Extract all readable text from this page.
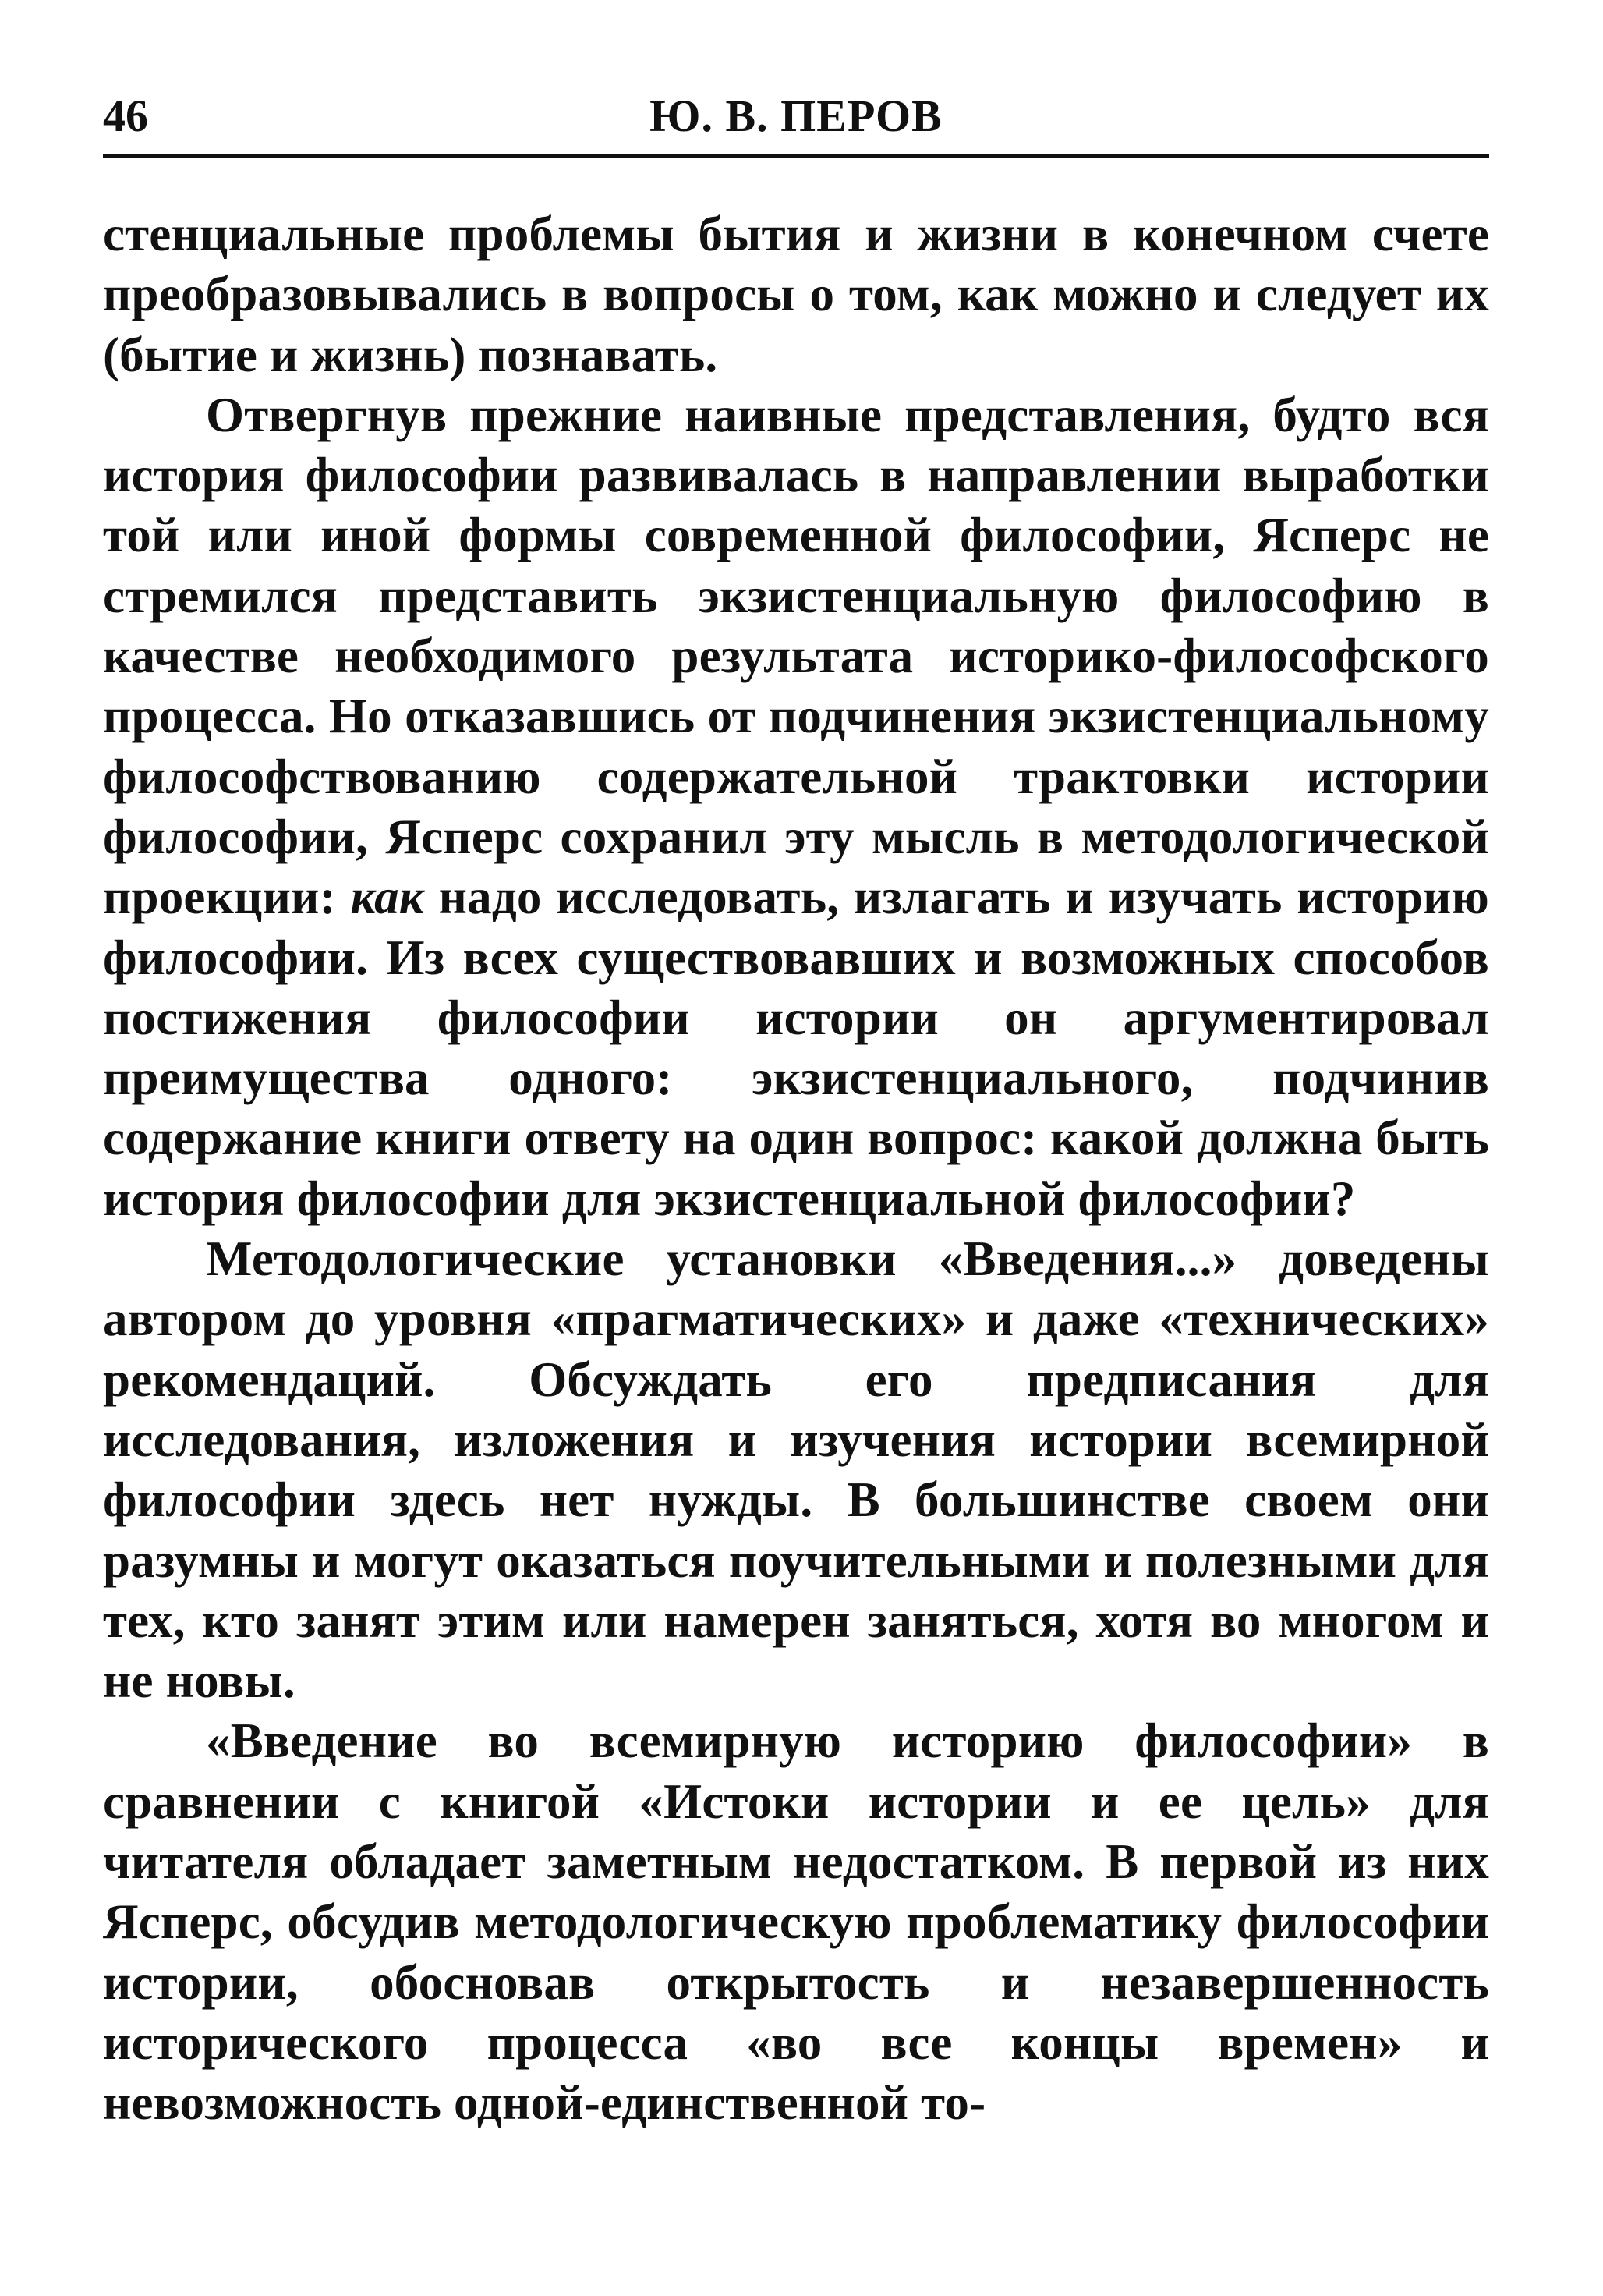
46	Ю. В. ПЕРОВ

стенциальные проблемы бытия и жизни в конечном счете преобразовывались в вопросы о том, как можно и следует их (бытие и жизнь) познавать.

Отвергнув прежние наивные представления, будто вся история философии развивалась в направлении выработки той или иной формы современной философии, Ясперс не стремился представить экзистенциальную философию в качестве необходимого результата историко-философского процесса. Но отказавшись от подчинения экзистенциальному философствованию содержательной трактовки истории философии, Ясперс сохранил эту мысль в методологической проекции: как надо исследовать, излагать и изучать историю философии. Из всех существовавших и возможных способов постижения философии истории он аргументировал преимущества одного: экзистенциального, подчинив содержание книги ответу на один вопрос: какой должна быть история философии для экзистенциальной философии?

Методологические установки «Введения...» доведены автором до уровня «прагматических» и даже «технических» рекомендаций. Обсуждать его предписания для исследования, изложения и изучения истории всемирной философии здесь нет нужды. В большинстве своем они разумны и могут оказаться поучительными и полезными для тех, кто занят этим или намерен заняться, хотя во многом и не новы.

«Введение во всемирную историю философии» в сравнении с книгой «Истоки истории и ее цель» для читателя обладает заметным недостатком. В первой из них Ясперс, обсудив методологическую проблематику философии истории, обосновав открытость и незавершенность исторического процесса «во все концы времен» и невозможность одной-единственной то-
